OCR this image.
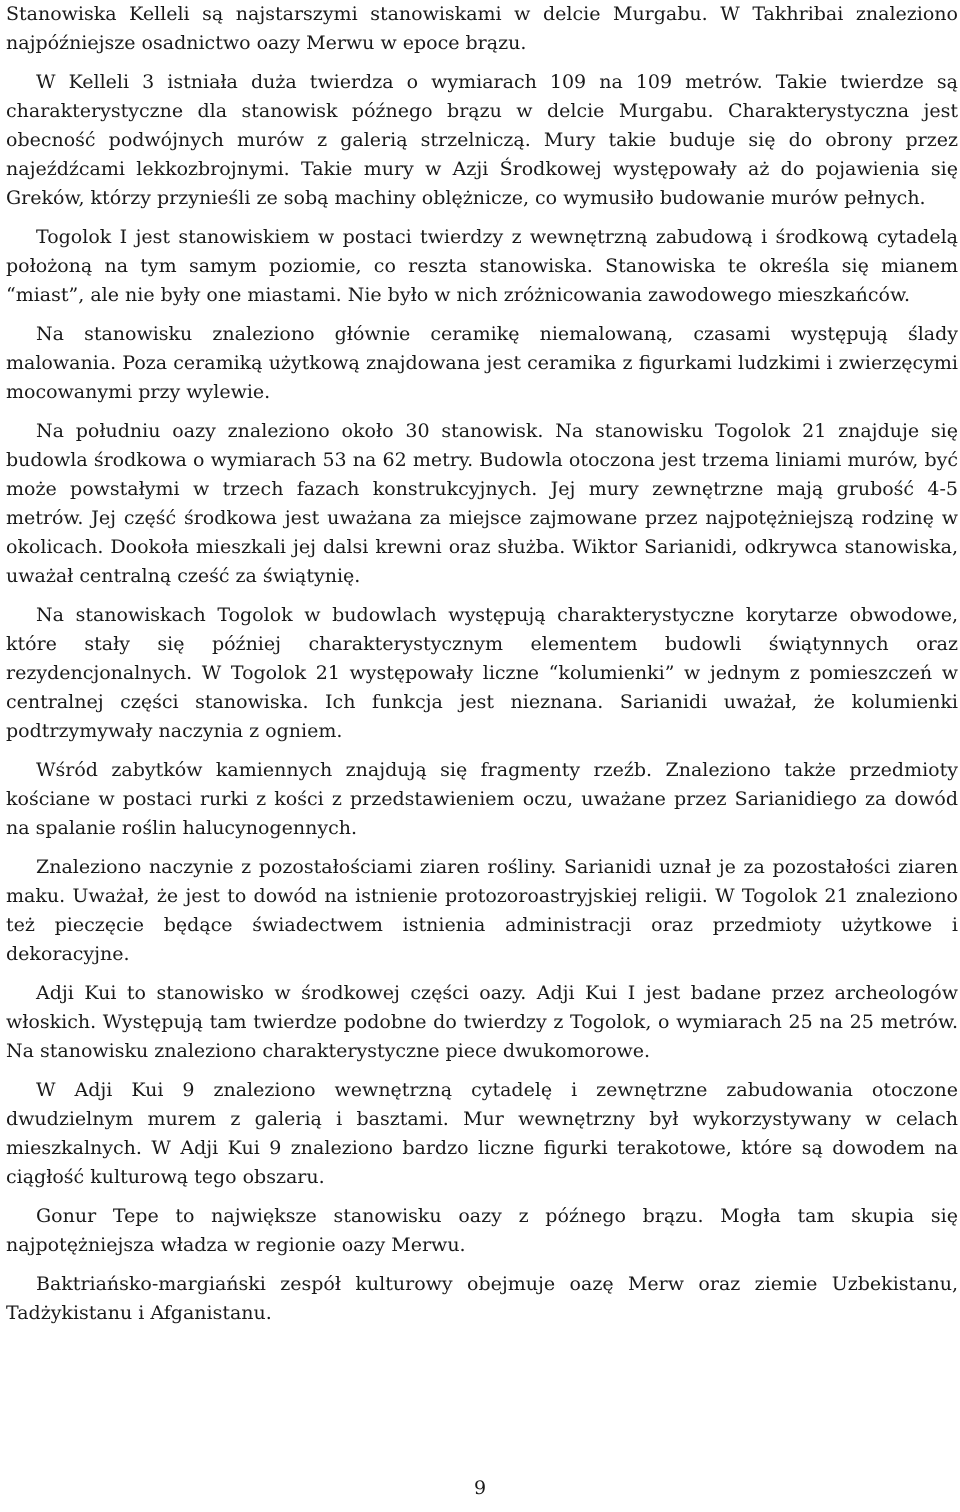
Stanowiska Kelleli są najstarszymi stanowiskami w delcie Murgabu. W Takhribai znaleziono najpóźniejsze osadnictwo oazy Merwu w epoce brązu.

W Kelleli 3 istniała duża twierdza o wymiarach 109 na 109 metrów. Takie twierdze są charakterystyczne dla stanowisk późnego brązu w delcie Murgabu. Charakterystyczna jest obecność podwójnych murów z galerią strzelniczą. Mury takie buduje się do obrony przez najeźdźcami lekkozbrojnymi. Takie mury w Azji Środkowej występowały aż do pojawienia się Greków, którzy przynieśli ze sobą machiny oblężnicze, co wymusiło budowanie murów pełnych.

Togolok I jest stanowiskiem w postaci twierdzy z wewnętrzną zabudową i środkową cytadelą położoną na tym samym poziomie, co reszta stanowiska. Stanowiska te określa się mianem “miast”, ale nie były one miastami. Nie było w nich zróżnicowania zawodowego mieszkańców.

Na stanowisku znaleziono głównie ceramikę niemalowaną, czasami występują ślady malowania. Poza ceramiką użytkową znajdowana jest ceramika z figurkami ludzkimi i zwierzęcymi mocowanymi przy wylewie.

Na południu oazy znaleziono około 30 stanowisk. Na stanowisku Togolok 21 znajduje się budowla środkowa o wymiarach 53 na 62 metry. Budowla otoczona jest trzema liniami murów, być może powstałymi w trzech fazach konstrukcyjnych. Jej mury zewnętrzne mają grubość 4-5 metrów. Jej część środkowa jest uważana za miejsce zajmowane przez najpotężniejszą rodzinę w okolicach. Dookoła mieszkali jej dalsi krewni oraz służba. Wiktor Sarianidi, odkrywca stanowiska, uważał centralną cześć za świątynię.

Na stanowiskach Togolok w budowlach występują charakterystyczne korytarze obwodowe, które stały się później charakterystycznym elementem budowli świątynnych oraz rezydencjonalnych. W Togolok 21 występowały liczne “kolumienki” w jednym z pomieszczeń w centralnej części stanowiska. Ich funkcja jest nieznana. Sarianidi uważał, że kolumienki podtrzymywały naczynia z ogniem.

Wśród zabytków kamiennych znajdują się fragmenty rzeźb. Znaleziono także przedmioty kościane w postaci rurki z kości z przedstawieniem oczu, uważane przez Sarianidiego za dowód na spalanie roślin halucynogennych.

Znaleziono naczynie z pozostałościami ziaren rośliny. Sarianidi uznał je za pozostałości ziaren maku. Uważał, że jest to dowód na istnienie protozoroastryjskiej religii. W Togolok 21 znaleziono też pieczęcie będące świadectwem istnienia administracji oraz przedmioty użytkowe i dekoracyjne.

Adji Kui to stanowisko w środkowej części oazy. Adji Kui I jest badane przez archeologów włoskich. Występują tam twierdze podobne do twierdzy z Togolok, o wymiarach 25 na 25 metrów. Na stanowisku znaleziono charakterystyczne piece dwukomorowe.

W Adji Kui 9 znaleziono wewnętrzną cytadelę i zewnętrzne zabudowania otoczone dwudzielnym murem z galerią i basztami. Mur wewnętrzny był wykorzystywany w celach mieszkalnych. W Adji Kui 9 znaleziono bardzo liczne figurki terakotowe, które są dowodem na ciągłość kulturową tego obszaru.

Gonur Tepe to największe stanowisku oazy z późnego brązu. Mogła tam skupia się najpotężniejsza władza w regionie oazy Merwu.

Baktriańsko-margiański zespół kulturowy obejmuje oazę Merw oraz ziemie Uzbekistanu, Tadżykistanu i Afganistanu.

9
